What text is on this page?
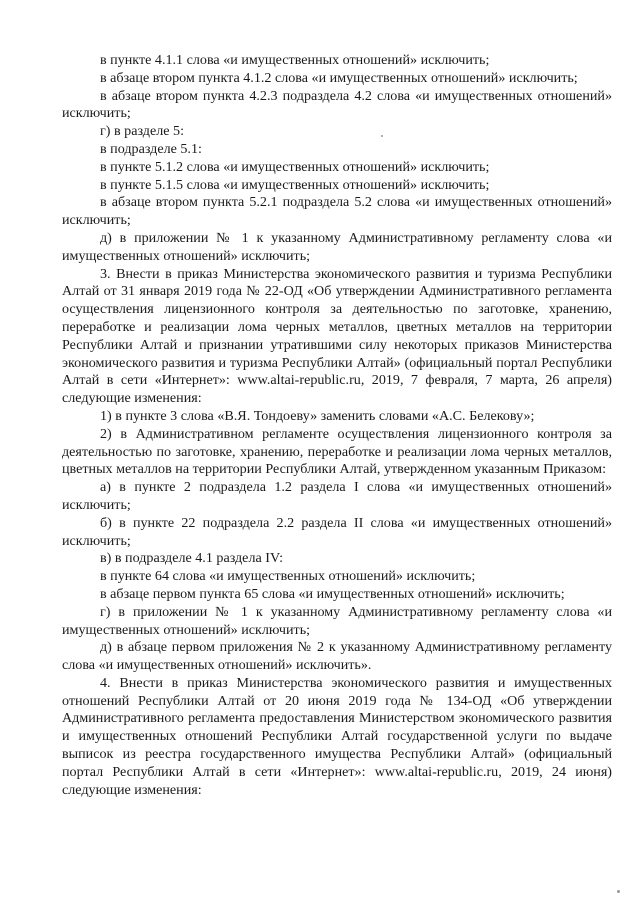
в пункте 4.1.1 слова «и имущественных отношений» исключить;

в абзаце втором пункта 4.1.2 слова «и имущественных отношений» исключить;

в абзаце втором пункта 4.2.3 подраздела 4.2 слова «и имущественных отношений» исключить;

г) в разделе 5:

в подразделе 5.1:

в пункте 5.1.2 слова «и имущественных отношений» исключить;

в пункте 5.1.5 слова «и имущественных отношений» исключить;

в абзаце втором пункта 5.2.1 подраздела 5.2 слова «и имущественных отношений» исключить;

д) в приложении № 1 к указанному Административному регламенту слова «и имущественных отношений» исключить;

3. Внести в приказ Министерства экономического развития и туризма Республики Алтай от 31 января 2019 года № 22-ОД «Об утверждении Административного регламента осуществления лицензионного контроля за деятельностью по заготовке, хранению, переработке и реализации лома черных металлов, цветных металлов на территории Республики Алтай и признании утратившими силу некоторых приказов Министерства экономического развития и туризма Республики Алтай» (официальный портал Республики Алтай в сети «Интернет»: www.altai-republic.ru, 2019, 7 февраля, 7 марта, 26 апреля) следующие изменения:

1) в пункте 3 слова «В.Я. Тондоеву» заменить словами «А.С. Белекову»;

2) в Административном регламенте осуществления лицензионного контроля за деятельностью по заготовке, хранению, переработке и реализации лома черных металлов, цветных металлов на территории Республики Алтай, утвержденном указанным Приказом:

а) в пункте 2 подраздела 1.2 раздела I слова «и имущественных отношений» исключить;

б) в пункте 22 подраздела 2.2 раздела II слова «и имущественных отношений» исключить;

в) в подразделе 4.1 раздела IV:

в пункте 64 слова «и имущественных отношений» исключить;

в абзаце первом пункта 65 слова «и имущественных отношений» исключить;

г) в приложении № 1 к указанному Административному регламенту слова «и имущественных отношений» исключить;

д) в абзаце первом приложения № 2 к указанному Административному регламенту слова «и имущественных отношений» исключить».

4. Внести в приказ Министерства экономического развития и имущественных отношений Республики Алтай от 20 июня 2019 года № 134-ОД «Об утверждении Административного регламента предоставления Министерством экономического развития и имущественных отношений Республики Алтай государственной услуги по выдаче выписок из реестра государственного имущества Республики Алтай» (официальный портал Республики Алтай в сети «Интернет»: www.altai-republic.ru, 2019, 24 июня) следующие изменения:
